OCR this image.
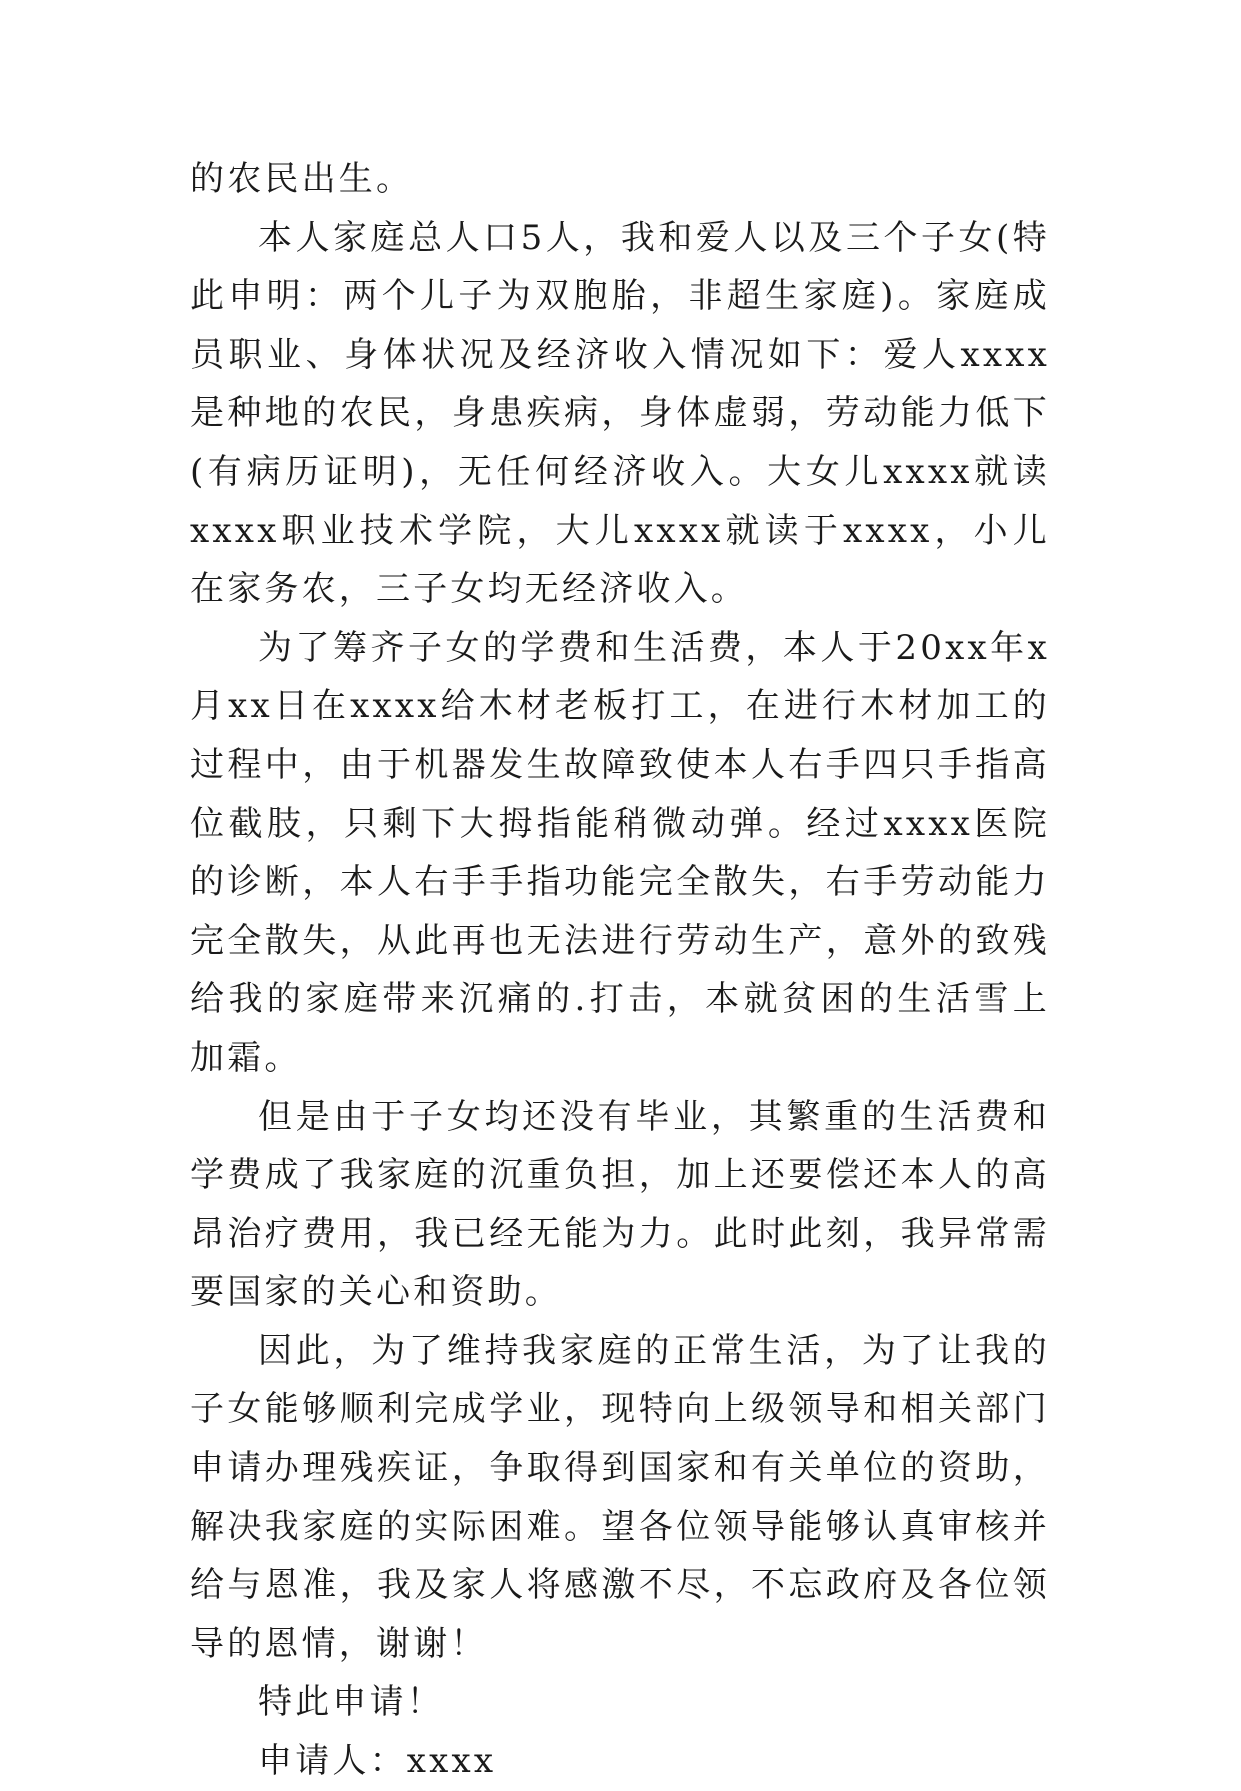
的农民出生。

本人家庭总人口5人，我和爱人以及三个子女(特此申明：两个儿子为双胞胎，非超生家庭)。家庭成员职业、身体状况及经济收入情况如下：爱人xxxx是种地的农民，身患疾病，身体虚弱，劳动能力低下(有病历证明)，无任何经济收入。大女儿xxxx就读xxxx职业技术学院，大儿xxxx就读于xxxx，小儿在家务农，三子女均无经济收入。

为了筹齐子女的学费和生活费，本人于20xx年x月xx日在xxxx给木材老板打工，在进行木材加工的过程中，由于机器发生故障致使本人右手四只手指高位截肢，只剩下大拇指能稍微动弹。经过xxxx医院的诊断，本人右手手指功能完全散失，右手劳动能力完全散失，从此再也无法进行劳动生产，意外的致残给我的家庭带来沉痛的.打击，本就贫困的生活雪上加霜。

但是由于子女均还没有毕业，其繁重的生活费和学费成了我家庭的沉重负担，加上还要偿还本人的高昂治疗费用，我已经无能为力。此时此刻，我异常需要国家的关心和资助。

因此，为了维持我家庭的正常生活，为了让我的子女能够顺利完成学业，现特向上级领导和相关部门申请办理残疾证，争取得到国家和有关单位的资助，解决我家庭的实际困难。望各位领导能够认真审核并给与恩准，我及家人将感激不尽，不忘政府及各位领导的恩情，谢谢！

特此申请！

申请人：xxxx
